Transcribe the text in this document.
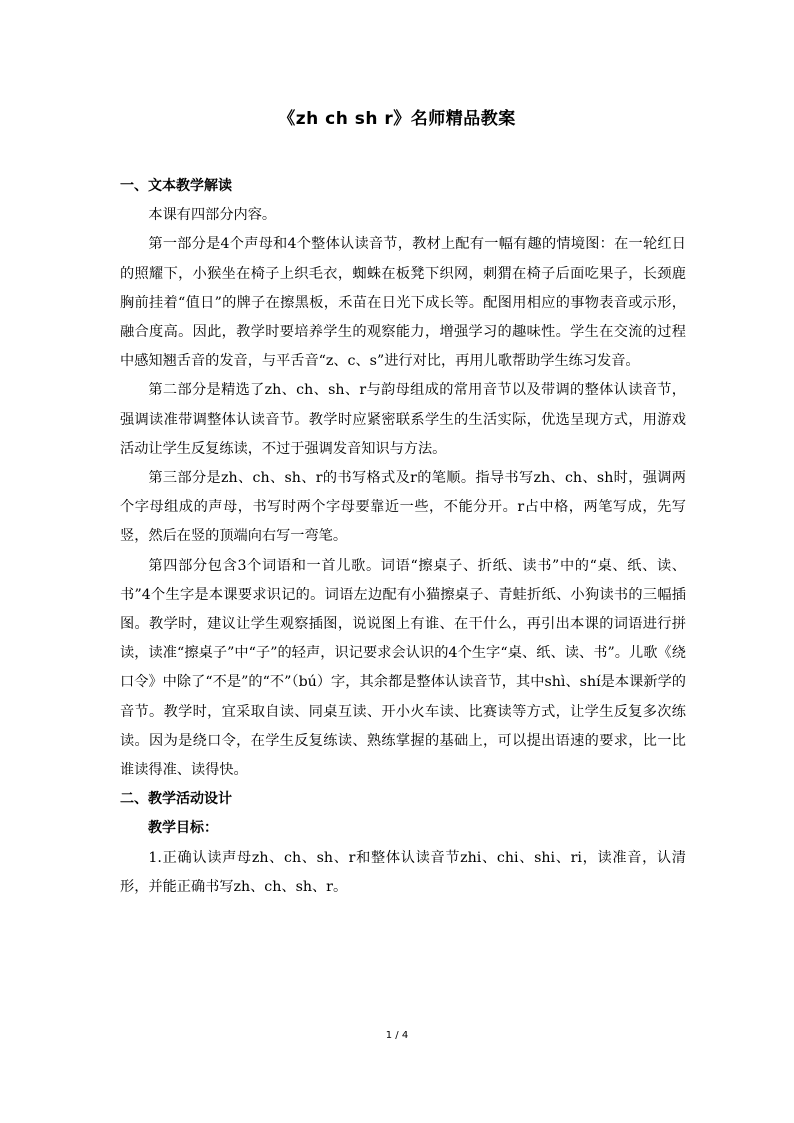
《zh ch sh r》名师精品教案

一、文本教学解读

本课有四部分内容。

第一部分是4个声母和4个整体认读音节，教材上配有一幅有趣的情境图：在一轮红日的照耀下，小猴坐在椅子上织毛衣，蜘蛛在板凳下织网，刺猬在椅子后面吃果子，长颈鹿胸前挂着“值日”的牌子在擦黑板，禾苗在日光下成长等。配图用相应的事物表音或示形，融合度高。因此，教学时要培养学生的观察能力，增强学习的趣味性。学生在交流的过程中感知翘舌音的发音，与平舌音“z、c、s”进行对比，再用儿歌帮助学生练习发音。

第二部分是精选了zh、ch、sh、r与韵母组成的常用音节以及带调的整体认读音节，强调读准带调整体认读音节。教学时应紧密联系学生的生活实际，优选呈现方式，用游戏活动让学生反复练读，不过于强调发音知识与方法。

第三部分是zh、ch、sh、r的书写格式及r的笔顺。指导书写zh、ch、sh时，强调两个字母组成的声母，书写时两个字母要靠近一些，不能分开。r占中格，两笔写成，先写竖，然后在竖的顶端向右写一弯笔。

第四部分包含3个词语和一首儿歌。词语“擦桌子、折纸、读书”中的“桌、纸、读、书”4个生字是本课要求识记的。词语左边配有小猫擦桌子、青蛙折纸、小狗读书的三幅插图。教学时，建议让学生观察插图，说说图上有谁、在干什么，再引出本课的词语进行拼读，读准“擦桌子”中“子”的轻声，识记要求会认识的4个生字“桌、纸、读、书”。儿歌《绕口令》中除了“不是”的“不”（bú）字，其余都是整体认读音节，其中shì、shí是本课新学的音节。教学时，宜采取自读、同桌互读、开小火车读、比赛读等方式，让学生反复多次练读。因为是绕口令，在学生反复练读、熟练掌握的基础上，可以提出语速的要求，比一比谁读得准、读得快。

二、教学活动设计

教学目标：

1.正确认读声母zh、ch、sh、r和整体认读音节zhi、chi、shi、ri，读准音，认清形，并能正确书写zh、ch、sh、r。

1 / 4
